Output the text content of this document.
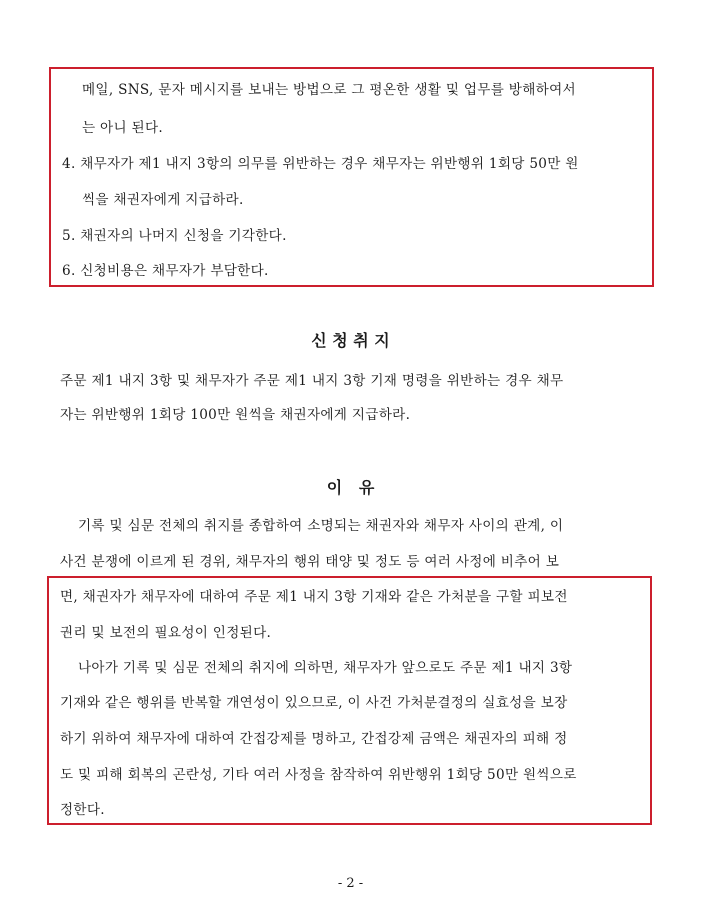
메일, SNS, 문자 메시지를 보내는 방법으로 그 평온한 생활 및 업무를 방해하여서
는 아니 된다.
4. 채무자가 제1 내지 3항의 의무를 위반하는 경우 채무자는 위반행위 1회당 50만 원
씩을 채권자에게 지급하라.
5. 채권자의 나머지 신청을 기각한다.
6. 신청비용은 채무자가 부담한다.
신 청 취 지
주문 제1 내지 3항 및 채무자가 주문 제1 내지 3항 기재 명령을 위반하는 경우 채무
자는 위반행위 1회당 100만 원씩을 채권자에게 지급하라.
이   유
기록 및 심문 전체의 취지를 종합하여 소명되는 채권자와 채무자 사이의 관계, 이
사건 분쟁에 이르게 된 경위, 채무자의 행위 태양 및 정도 등 여러 사정에 비추어 보
면, 채권자가 채무자에 대하여 주문 제1 내지 3항 기재와 같은 가처분을 구할 피보전
권리 및 보전의 필요성이 인정된다.
나아가 기록 및 심문 전체의 취지에 의하면, 채무자가 앞으로도 주문 제1 내지 3항
기재와 같은 행위를 반복할 개연성이 있으므로, 이 사건 가처분결정의 실효성을 보장
하기 위하여 채무자에 대하여 간접강제를 명하고, 간접강제 금액은 채권자의 피해 정
도 및 피해 회복의 곤란성, 기타 여러 사정을 참작하여 위반행위 1회당 50만 원씩으로
정한다.
- 2 -
